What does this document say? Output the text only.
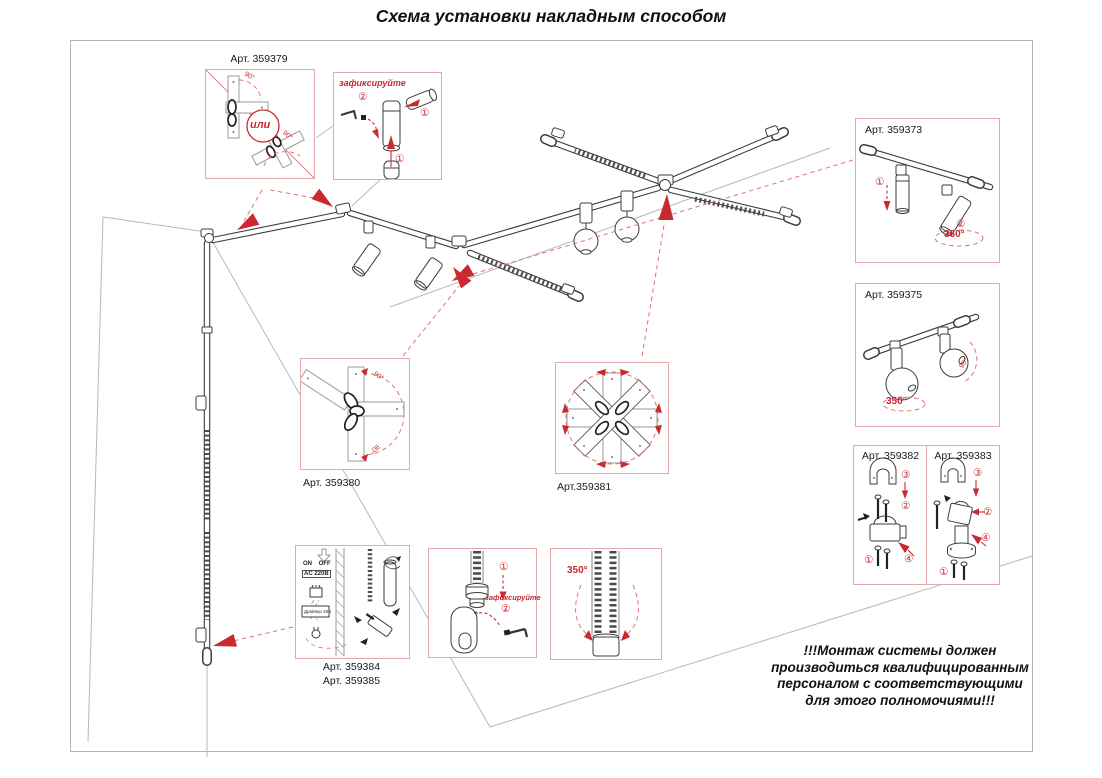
Схема установки накладным способом
Арт. 359379
или
90°
90°
зафиксируйте
②
①
①
Арт. 359373
①
②
360°
Арт. 359375
350°
90°
Арт. 359382
③
②
④
①
Арт. 359383
③
②
④
①
90°
90°
Арт. 359380	Арт.359381
ON OFF
AC 220В
Драйвер 48В
Арт. 359384
Арт. 359385
①
зафиксируйте
②
350°
!!!Монтаж системы должен
производиться квалифицированным
персоналом с соответствующими
для этого полномочиями!!!
